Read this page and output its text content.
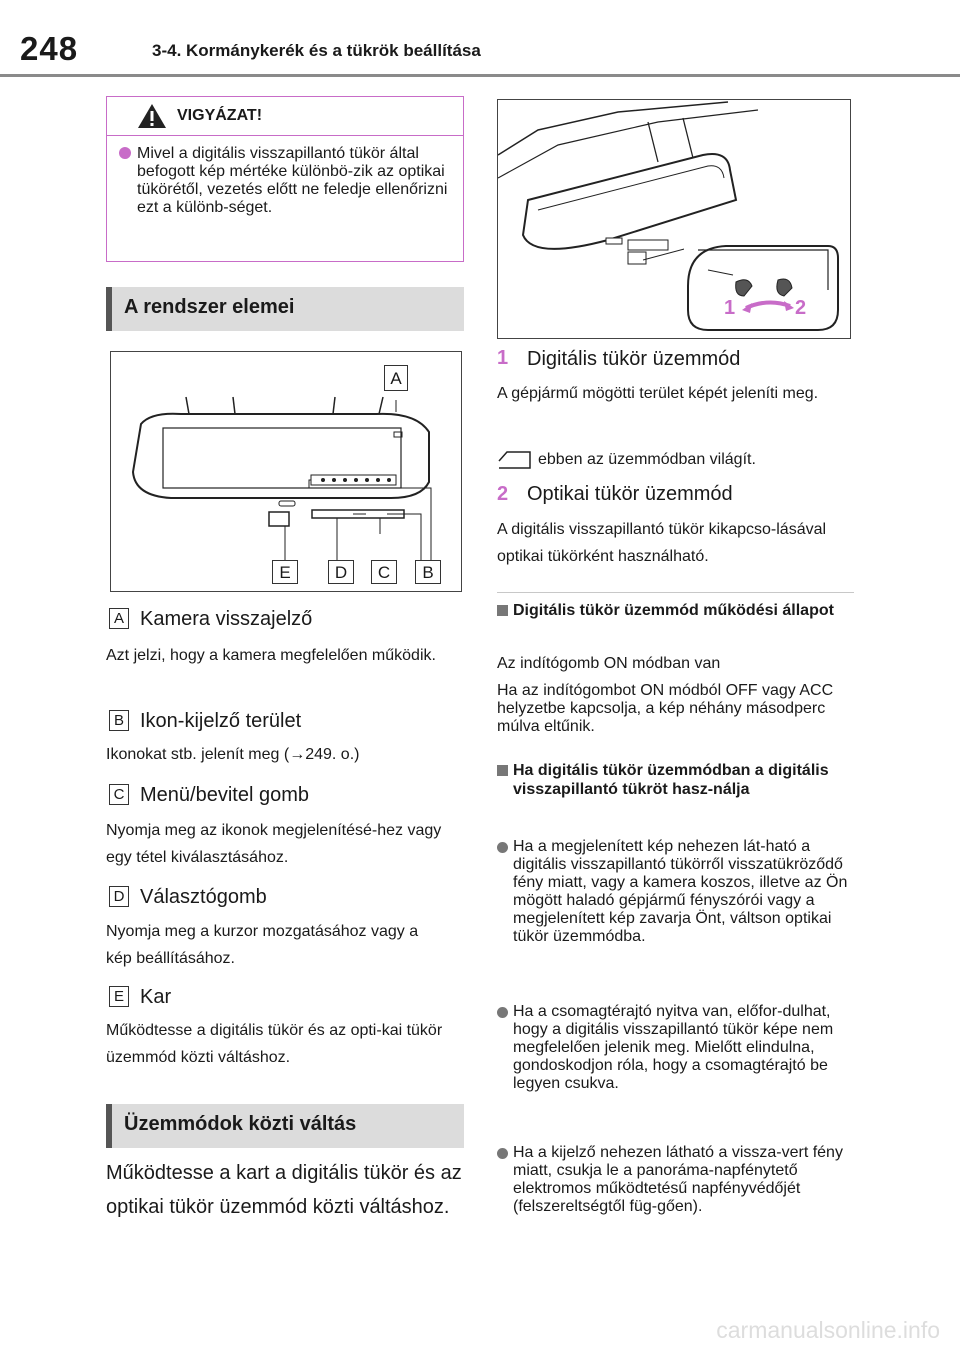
248	3-4. Kormánykerék és a tükrök beállítása
VIGYÁZAT!
Mivel a digitális visszapillantó tükör által befogott kép mértéke különbö-zik az optikai tükörétől, vezetés előtt ne feledje ellenőrizni ezt a különb-séget.
A rendszer elemei
A
B
C
D
E
A Kamera visszajelző
Azt jelzi, hogy a kamera megfelelően működik.
B Ikon-kijelző terület
Ikonokat stb. jelenít meg (→249. o.)
C Menü/bevitel gomb
Nyomja meg az ikonok megjelenítésé-hez vagy egy tétel kiválasztásához.
D Választógomb
Nyomja meg a kurzor mozgatásához vagy a kép beállításához.
E Kar
Működtesse a digitális tükör és az opti-kai tükör üzemmód közti váltáshoz.
Üzemmódok közti váltás
Működtesse a kart a digitális tükör és az optikai tükör üzemmód közti váltáshoz.
1	2
1 Digitális tükör üzemmód
A gépjármű mögötti terület képét jeleníti meg.
ebben az üzemmódban világít.
2 Optikai tükör üzemmód
A digitális visszapillantó tükör kikapcso-lásával optikai tükörként használható.
Digitális tükör üzemmód működési állapot
Az indítógomb ON módban van
Ha az indítógombot ON módból OFF vagy ACC helyzetbe kapcsolja, a kép néhány másodperc múlva eltűnik.
Ha digitális tükör üzemmódban a digitális visszapillantó tükröt hasz-nálja
Ha a megjelenített kép nehezen lát-ható a digitális visszapillantó tükörről visszatükröződő fény miatt, vagy a kamera koszos, illetve az Ön mögött haladó gépjármű fényszórói vagy a megjelenített kép zavarja Önt, váltson optikai tükör üzemmódba.
Ha a csomagtérajtó nyitva van, előfor-dulhat, hogy a digitális visszapillantó tükör képe nem megfelelően jelenik meg. Mielőtt elindulna, gondoskodjon róla, hogy a csomagtérajtó be legyen csukva.
Ha a kijelző nehezen látható a vissza-vert fény miatt, csukja le a panoráma-napfénytető elektromos működtetésű napfényvédőjét (felszereltségtől füg-gően).
carmanualsonline.info
